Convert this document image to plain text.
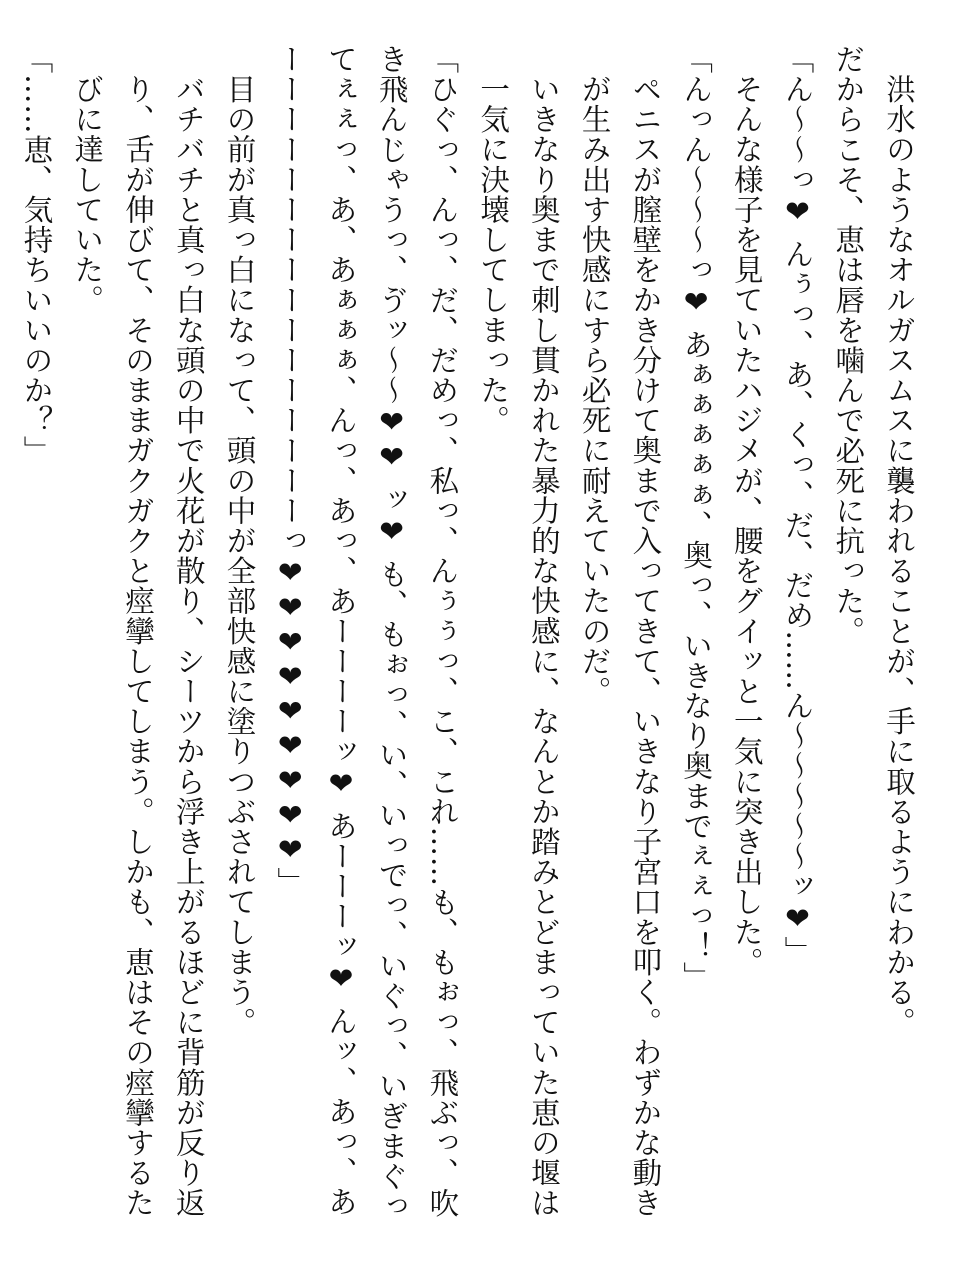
洪水のようなオルガスムスに襲われることが、手に取るようにわかる。

だからこそ、恵は唇を噛んで必死に抗った。

「ん〜〜っ❤ んぅっ、あ、くっ、だ、だめ……ん〜〜〜〜〜ッ❤」

そんな様子を見ていたハジメが、腰をグイッと一気に突き出した。

「んっん〜〜〜っ❤ あぁぁぁぁぁ、奥っ、いきなり奥までぇぇっ！」

ペニスが膣壁をかき分けて奥まで入ってきて、いきなり子宮口を叩く。わずかな動きが生み出す快感にすら必死に耐えていたのだ。

いきなり奥まで刺し貫かれた暴力的な快感に、なんとか踏みとどまっていた恵の堰は一気に決壊してしまった。

「ひぐっ、んっ、だ、だめっ、私っ、んぅぅっ、こ、これ……も、もぉっ、飛ぶっ、吹き飛んじゃうっ、ゔッ〜〜❤❤ ッ❤ も、もぉっ、い、いっでっ、いぐっ、いぎまぐってぇぇっ、あ、あぁぁぁ、んっ、あっ、あーーーーッ❤ あーーーッ❤ んッ、あっ、あーーーーーーーーーーーーーーーーっ❤❤❤❤❤❤❤❤❤」

目の前が真っ白になって、頭の中が全部快感に塗りつぶされてしまう。

バチバチと真っ白な頭の中で火花が散り、シーツから浮き上がるほどに背筋が反り返り、舌が伸びて、そのままガクガクと痙攣してしまう。しかも、恵はその痙攣するたびに達していた。

「……恵、気持ちいいのか？」
